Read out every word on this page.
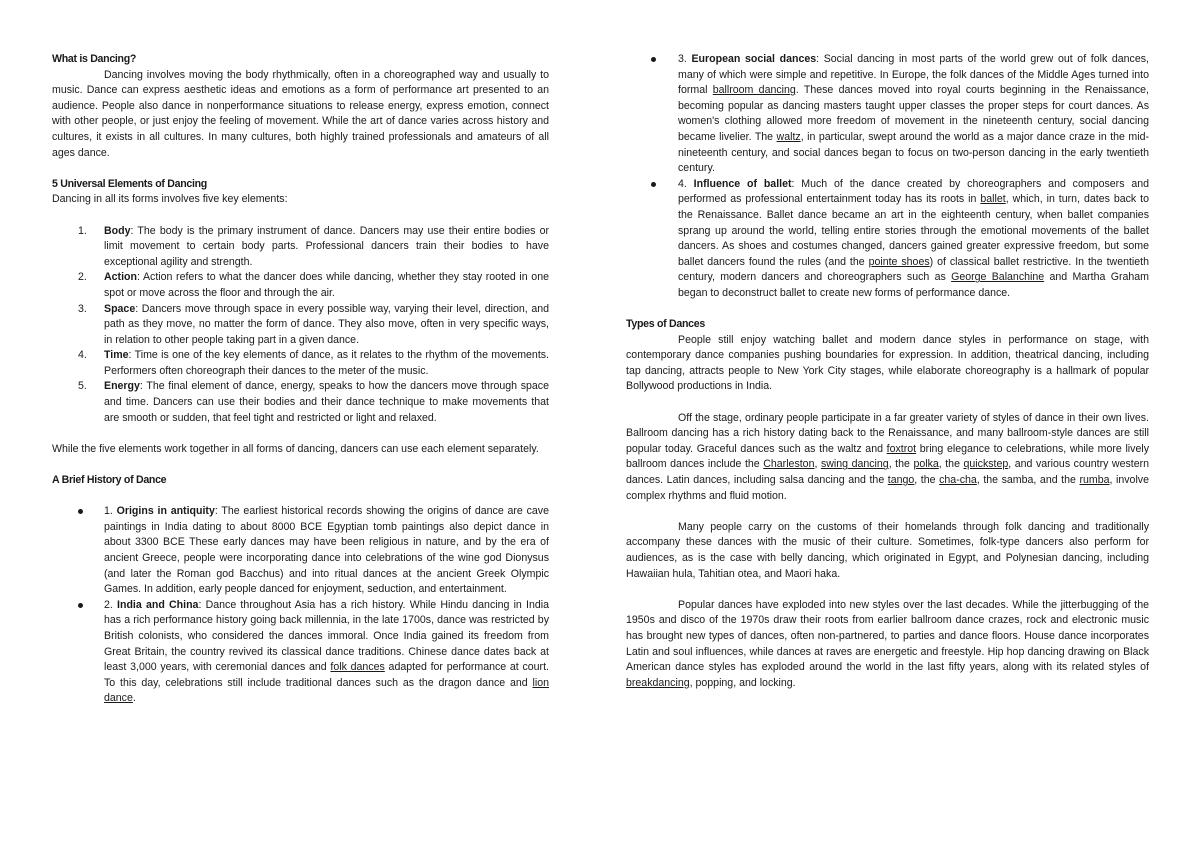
What is Dancing?

Dancing involves moving the body rhythmically, often in a choreographed way and usually to music. Dance can express aesthetic ideas and emotions as a form of performance art presented to an audience. People also dance in nonperformance situations to release energy, express emotion, connect with other people, or just enjoy the feeling of movement. While the art of dance varies across history and cultures, it exists in all cultures. In many cultures, both highly trained professionals and amateurs of all ages dance.

5 Universal Elements of Dancing

Dancing in all its forms involves five key elements:

1. Body: The body is the primary instrument of dance. Dancers may use their entire bodies or limit movement to certain body parts. Professional dancers train their bodies to have exceptional agility and strength.
2. Action: Action refers to what the dancer does while dancing, whether they stay rooted in one spot or move across the floor and through the air.
3. Space: Dancers move through space in every possible way, varying their level, direction, and path as they move, no matter the form of dance. They also move, often in very specific ways, in relation to other people taking part in a given dance.
4. Time: Time is one of the key elements of dance, as it relates to the rhythm of the movements. Performers often choreograph their dances to the meter of the music.
5. Energy: The final element of dance, energy, speaks to how the dancers move through space and time. Dancers can use their bodies and their dance technique to make movements that are smooth or sudden, that feel tight and restricted or light and relaxed.

While the five elements work together in all forms of dancing, dancers can use each element separately.

A Brief History of Dance
1. Origins in antiquity: The earliest historical records showing the origins of dance are cave paintings in India dating to about 8000 BCE Egyptian tomb paintings also depict dance in about 3300 BCE These early dances may have been religious in nature, and by the era of ancient Greece, people were incorporating dance into celebrations of the wine god Dionysus (and later the Roman god Bacchus) and into ritual dances at the ancient Greek Olympic Games. In addition, early people danced for enjoyment, seduction, and entertainment.
2. India and China: Dance throughout Asia has a rich history. While Hindu dancing in India has a rich performance history going back millennia, in the late 1700s, dance was restricted by British colonists, who considered the dances immoral. Once India gained its freedom from Great Britain, the country revived its classical dance traditions. Chinese dance dates back at least 3,000 years, with ceremonial dances and folk dances adapted for performance at court. To this day, celebrations still include traditional dances such as the dragon dance and lion dance.
3. European social dances: Social dancing in most parts of the world grew out of folk dances, many of which were simple and repetitive. In Europe, the folk dances of the Middle Ages turned into formal ballroom dancing. These dances moved into royal courts beginning in the Renaissance, becoming popular as dancing masters taught upper classes the proper steps for court dances. As women's clothing allowed more freedom of movement in the nineteenth century, social dancing became livelier. The waltz, in particular, swept around the world as a major dance craze in the mid-nineteenth century, and social dances began to focus on two-person dancing in the early twentieth century.
4. Influence of ballet: Much of the dance created by choreographers and composers and performed as professional entertainment today has its roots in ballet, which, in turn, dates back to the Renaissance. Ballet dance became an art in the eighteenth century, when ballet companies sprang up around the world, telling entire stories through the emotional movements of the ballet dancers. As shoes and costumes changed, dancers gained greater expressive freedom, but some ballet dancers found the rules (and the pointe shoes) of classical ballet restrictive. In the twentieth century, modern dancers and choreographers such as George Balanchine and Martha Graham began to deconstruct ballet to create new forms of performance dance.
Types of Dances

People still enjoy watching ballet and modern dance styles in performance on stage, with contemporary dance companies pushing boundaries for expression. In addition, theatrical dancing, including tap dancing, attracts people to New York City stages, while elaborate choreography is a hallmark of popular Bollywood productions in India.

Off the stage, ordinary people participate in a far greater variety of styles of dance in their own lives. Ballroom dancing has a rich history dating back to the Renaissance, and many ballroom-style dances are still popular today. Graceful dances such as the waltz and foxtrot bring elegance to celebrations, while more lively ballroom dances include the Charleston, swing dancing, the polka, the quickstep, and various country western dances. Latin dances, including salsa dancing and the tango, the cha-cha, the samba, and the rumba, involve complex rhythms and fluid motion.

Many people carry on the customs of their homelands through folk dancing and traditionally accompany these dances with the music of their culture. Sometimes, folk-type dancers also perform for audiences, as is the case with belly dancing, which originated in Egypt, and Polynesian dancing, including Hawaiian hula, Tahitian otea, and Maori haka.

Popular dances have exploded into new styles over the last decades. While the jitterbugging of the 1950s and disco of the 1970s draw their roots from earlier ballroom dance crazes, rock and electronic music has brought new types of dances, often non-partnered, to parties and dance floors. House dance incorporates Latin and soul influences, while dances at raves are energetic and freestyle. Hip hop dancing drawing on Black American dance styles has exploded around the world in the last fifty years, along with its related styles of breakdancing, popping, and locking.
